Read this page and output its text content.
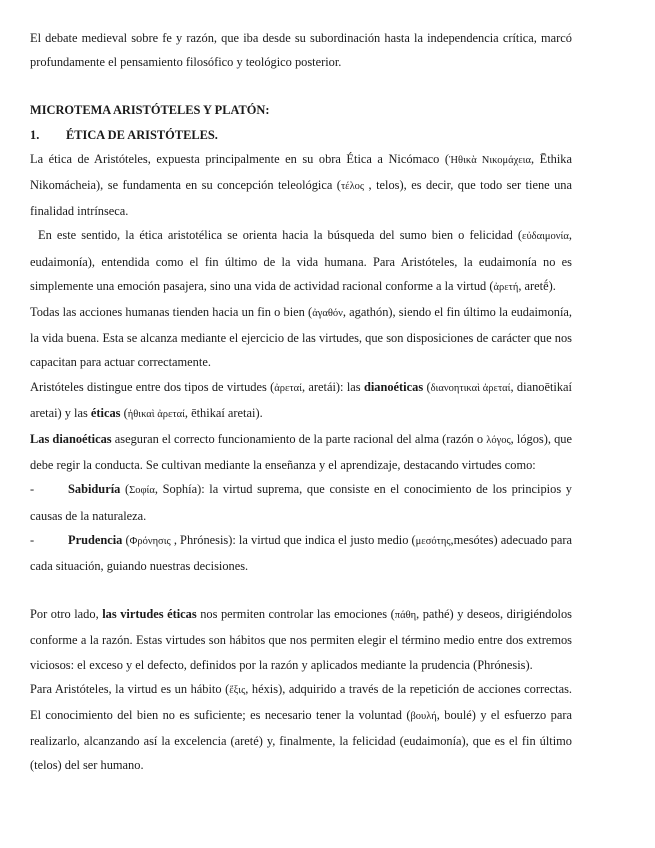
El debate medieval sobre fe y razón, que iba desde su subordinación hasta la independencia crítica, marcó profundamente el pensamiento filosófico y teológico posterior.

MICROTEMA ARISTÓTELES Y PLATÓN:

1.	ÉTICA DE ARISTÓTELES.

La ética de Aristóteles, expuesta principalmente en su obra Ética a Nicómaco (Ἠθικὰ Νικομάχεια, Ēthika Nikomácheia), se fundamenta en su concepción teleológica (τέλος , telos), es decir, que todo ser tiene una finalidad intrínseca.

En este sentido, la ética aristotélica se orienta hacia la búsqueda del sumo bien o felicidad (εὐδαιμονία, eudaimonía), entendida como el fin último de la vida humana. Para Aristóteles, la eudaimonía no es simplemente una emoción pasajera, sino una vida de actividad racional conforme a la virtud (ἀρετή, aretḗ).

Todas las acciones humanas tienden hacia un fin o bien (ἀγαθόν, agathón), siendo el fin último la eudaimonía, la vida buena. Esta se alcanza mediante el ejercicio de las virtudes, que son disposiciones de carácter que nos capacitan para actuar correctamente.

Aristóteles distingue entre dos tipos de virtudes (ἀρεταί, aretái): las dianoéticas (διανοητικαὶ ἀρεταί, dianoētikaí aretai) y las éticas (ἠθικαὶ ἀρεταί, ēthikaí aretai).

Las dianoéticas aseguran el correcto funcionamiento de la parte racional del alma (razón o λόγος, lógos), que debe regir la conducta. Se cultivan mediante la enseñanza y el aprendizaje, destacando virtudes como:

-	Sabiduría (Σοφία, Sophía): la virtud suprema, que consiste en el conocimiento de los principios y causas de la naturaleza.

-	Prudencia (Φρόνησις , Phrónesis): la virtud que indica el justo medio (μεσότης,mesótes) adecuado para cada situación, guiando nuestras decisiones.

Por otro lado, las virtudes éticas nos permiten controlar las emociones (πάθη, pathé) y deseos, dirigiéndolos conforme a la razón. Estas virtudes son hábitos que nos permiten elegir el término medio entre dos extremos viciosos: el exceso y el defecto, definidos por la razón y aplicados mediante la prudencia (Phrónesis).

Para Aristóteles, la virtud es un hábito (ἕξις, héxis), adquirido a través de la repetición de acciones correctas. El conocimiento del bien no es suficiente; es necesario tener la voluntad (βουλή, boulé) y el esfuerzo para realizarlo, alcanzando así la excelencia (areté) y, finalmente, la felicidad (eudaimonía), que es el fin último (telos) del ser humano.
